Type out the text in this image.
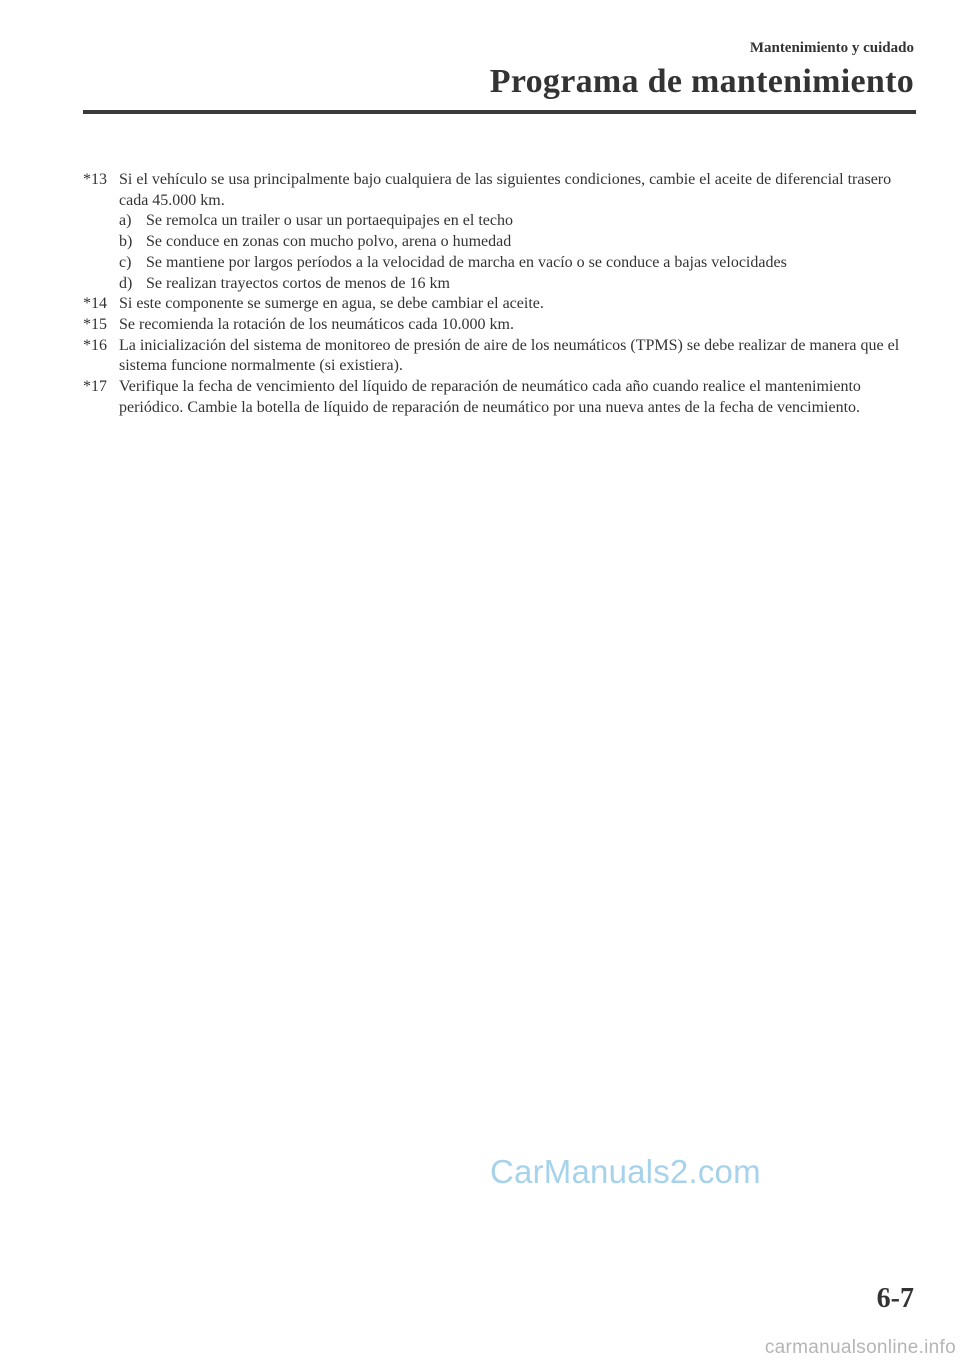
Mantenimiento y cuidado
Programa de mantenimiento
*13 Si el vehículo se usa principalmente bajo cualquiera de las siguientes condiciones, cambie el aceite de diferencial trasero cada 45.000 km.
a) Se remolca un trailer o usar un portaequipajes en el techo
b) Se conduce en zonas con mucho polvo, arena o humedad
c) Se mantiene por largos períodos a la velocidad de marcha en vacío o se conduce a bajas velocidades
d) Se realizan trayectos cortos de menos de 16 km
*14 Si este componente se sumerge en agua, se debe cambiar el aceite.
*15 Se recomienda la rotación de los neumáticos cada 10.000 km.
*16 La inicialización del sistema de monitoreo de presión de aire de los neumáticos (TPMS) se debe realizar de manera que el sistema funcione normalmente (si existiera).
*17 Verifique la fecha de vencimiento del líquido de reparación de neumático cada año cuando realice el mantenimiento periódico. Cambie la botella de líquido de reparación de neumático por una nueva antes de la fecha de vencimiento.
CarManuals2.com
6-7
carmanualsonline.info
